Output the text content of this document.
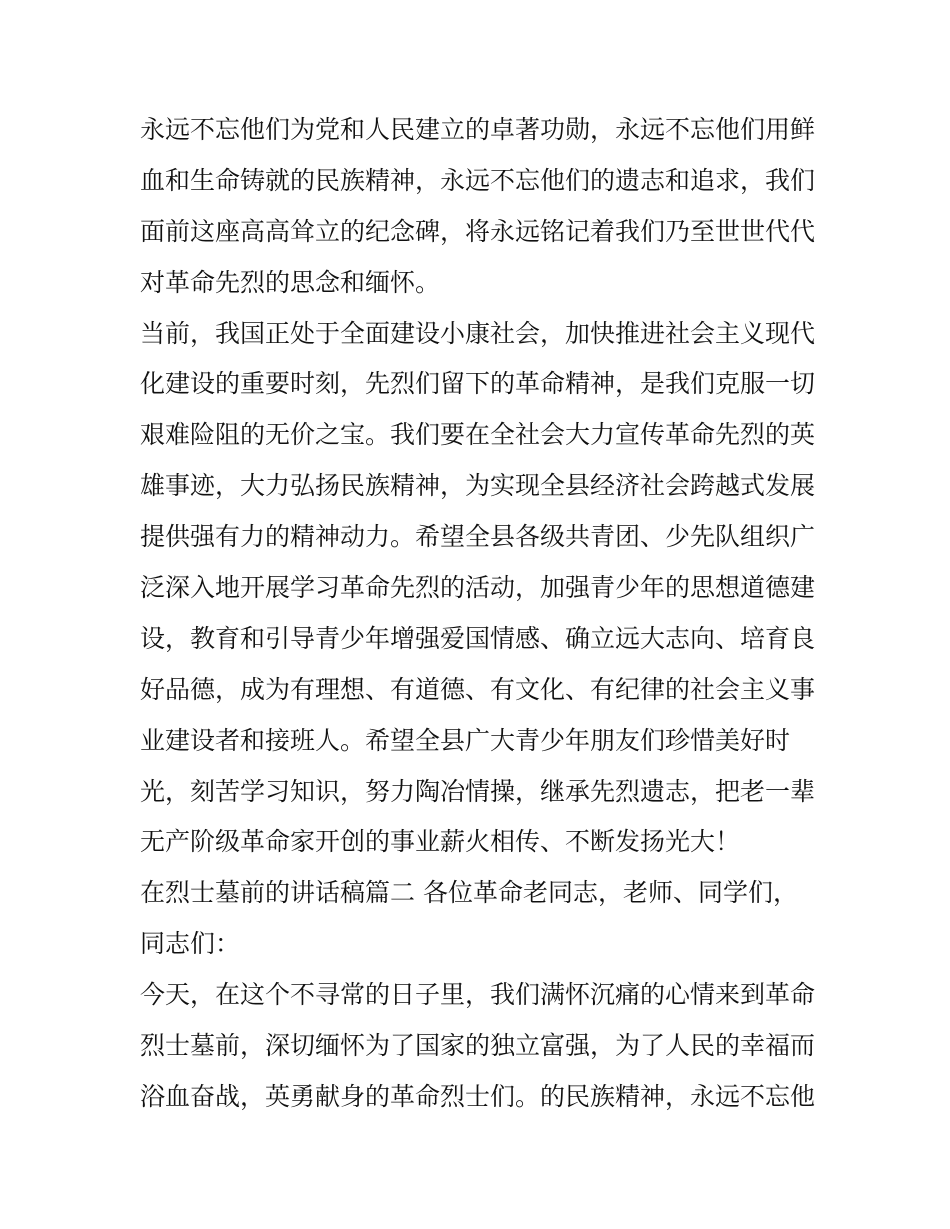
永远不忘他们为党和人民建立的卓著功勋，永远不忘他们用鲜
血和生命铸就的民族精神，永远不忘他们的遗志和追求，我们
面前这座高高耸立的纪念碑，将永远铭记着我们乃至世世代代
对革命先烈的思念和缅怀。
当前，我国正处于全面建设小康社会，加快推进社会主义现代
化建设的重要时刻，先烈们留下的革命精神，是我们克服一切
艰难险阻的无价之宝。我们要在全社会大力宣传革命先烈的英
雄事迹，大力弘扬民族精神，为实现全县经济社会跨越式发展
提供强有力的精神动力。希望全县各级共青团、少先队组织广
泛深入地开展学习革命先烈的活动，加强青少年的思想道德建
设，教育和引导青少年增强爱国情感、确立远大志向、培育良
好品德，成为有理想、有道德、有文化、有纪律的社会主义事
业建设者和接班人。希望全县广大青少年朋友们珍惜美好时
光，刻苦学习知识，努力陶冶情操，继承先烈遗志，把老一辈
无产阶级革命家开创的事业薪火相传、不断发扬光大！
在烈士墓前的讲话稿篇二 各位革命老同志，老师、同学们，
同志们：
今天，在这个不寻常的日子里，我们满怀沉痛的心情来到革命
烈士墓前，深切缅怀为了国家的独立富强，为了人民的幸福而
浴血奋战，英勇献身的革命烈士们。的民族精神，永远不忘他
